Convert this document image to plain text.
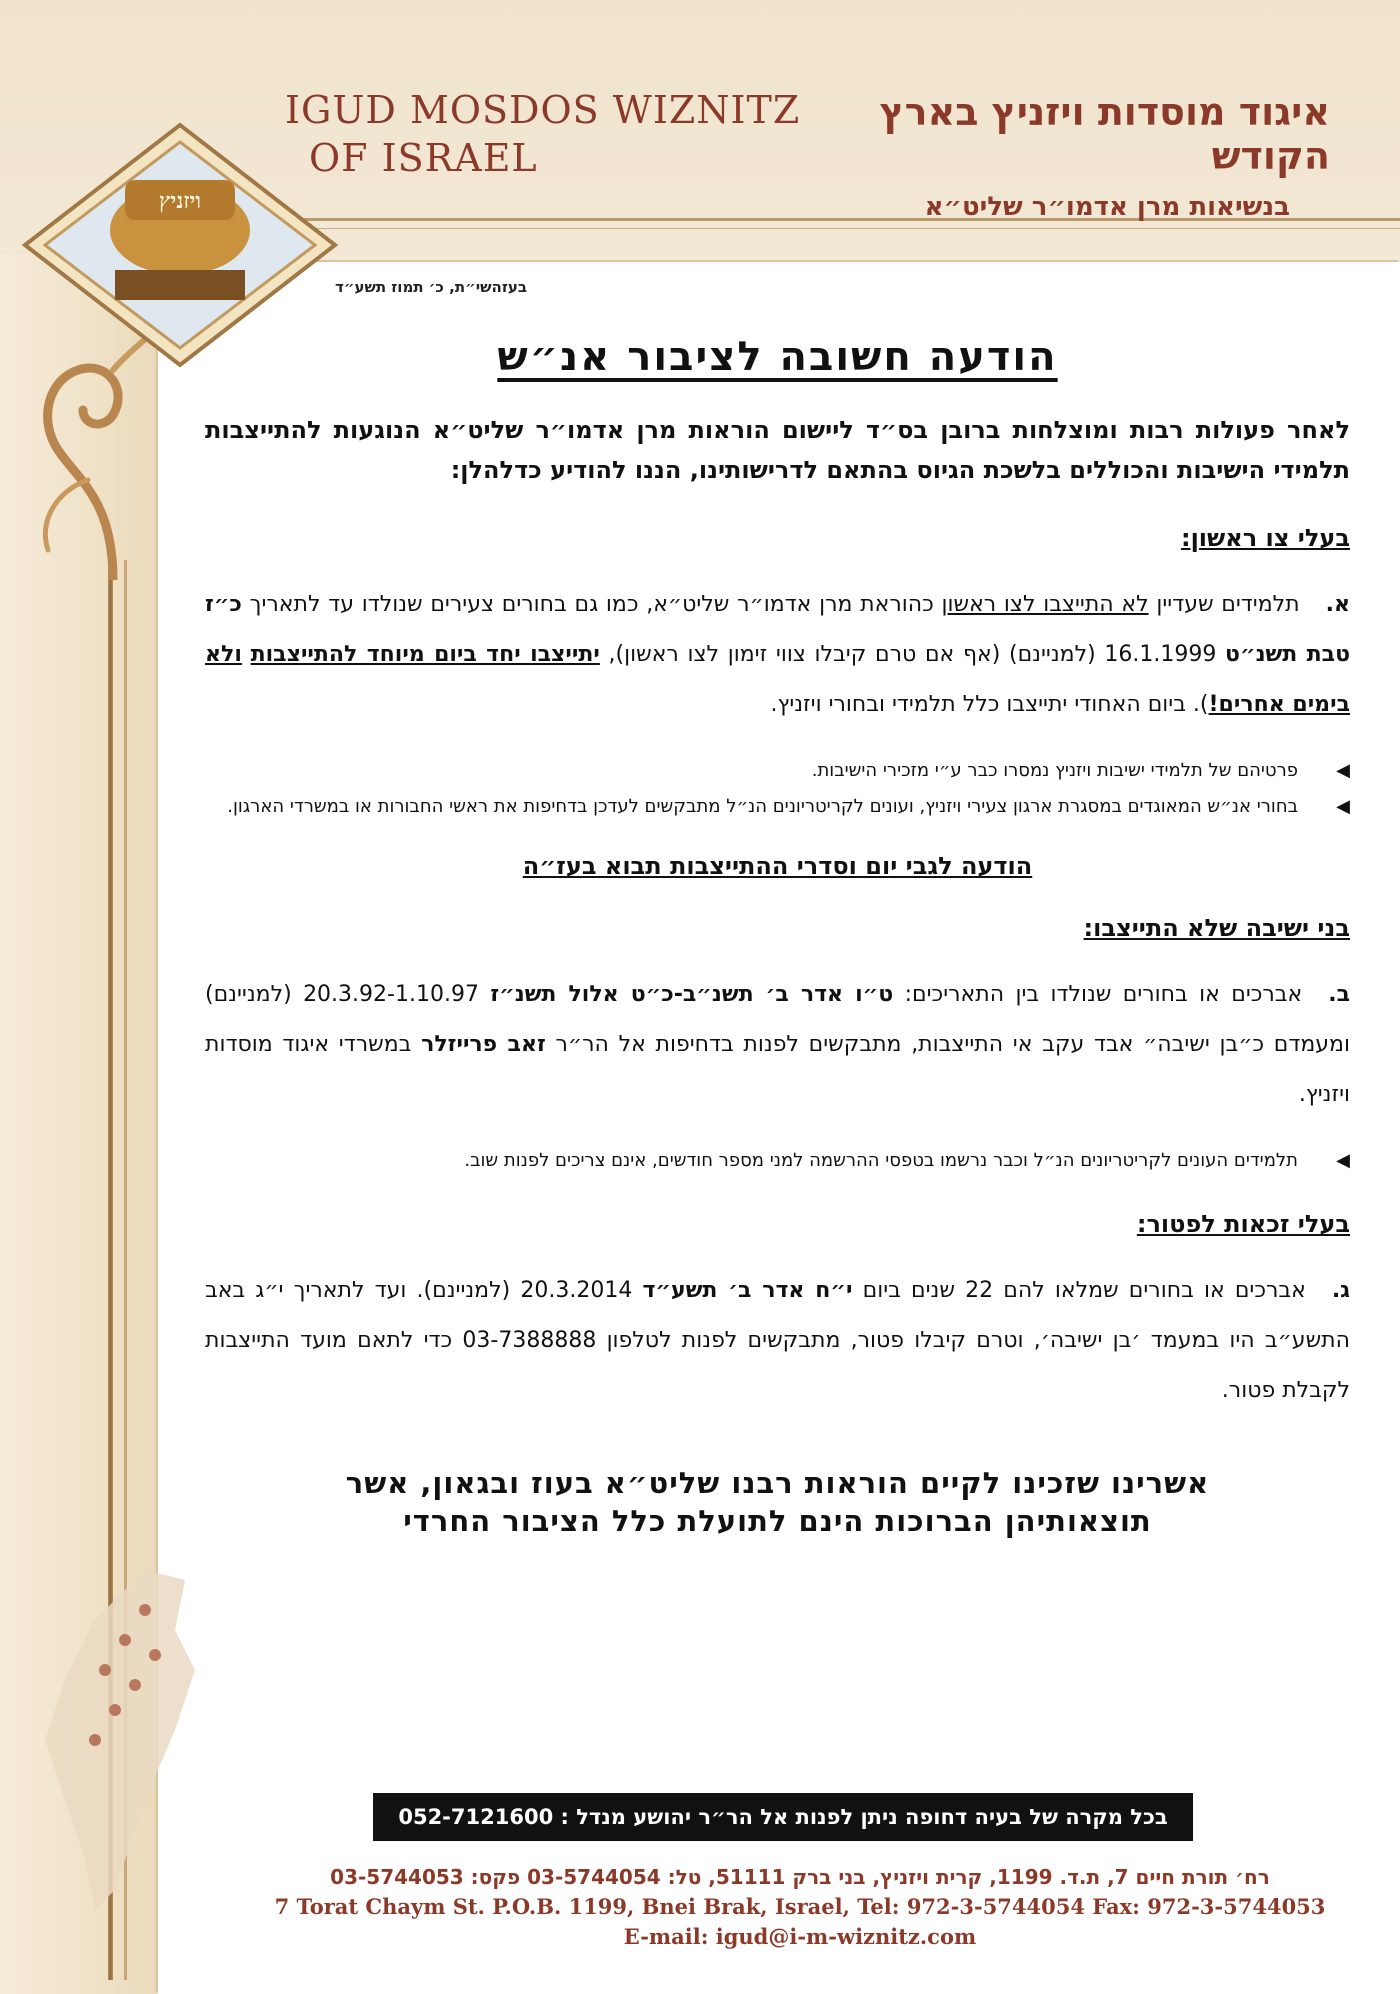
ויזניץ
IGUD MOSDOS WIZNITZ
OF ISRAEL
איגוד מוסדות ויזניץ בארץ הקודש
בנשיאות מרן אדמו״ר שליט״א
בעזהשי״ת, כ׳ תמוז תשע״ד
הודעה חשובה לציבור אנ״ש
לאחר פעולות רבות ומוצלחות ברובן בס״ד ליישום הוראות מרן אדמו״ר שליט״א הנוגעות להתייצבות תלמידי הישיבות והכוללים בלשכת הגיוס בהתאם לדרישותינו, הננו להודיע כדלהלן:
בעלי צו ראשון:
א.תלמידים שעדיין לא התייצבו לצו ראשון כהוראת מרן אדמו״ר שליט״א, כמו גם בחורים צעירים שנולדו עד לתאריך כ״ז טבת תשנ״ט 16.1.1999 (למניינם) (אף אם טרם קיבלו צווי זימון לצו ראשון), יתייצבו יחד ביום מיוחד להתייצבות ולא בימים אחרים!). ביום האחודי יתייצבו כלל תלמידי ובחורי ויזניץ.
◀פרטיהם של תלמידי ישיבות ויזניץ נמסרו כבר ע״י מזכירי הישיבות.
◀בחורי אנ״ש המאוגדים במסגרת ארגון צעירי ויזניץ, ועונים לקריטריונים הנ״ל מתבקשים לעדכן בדחיפות את ראשי החבורות או במשרדי הארגון.
הודעה לגבי יום וסדרי ההתייצבות תבוא בעז״ה
בני ישיבה שלא התייצבו:
ב.אברכים או בחורים שנולדו בין התאריכים: ט״ו אדר ב׳ תשנ״ב-כ״ט אלול תשנ״ז 20.3.92-1.10.97 (למניינם) ומעמדם כ״בן ישיבה״ אבד עקב אי התייצבות, מתבקשים לפנות בדחיפות אל הר״ר זאב פרייזלר במשרדי איגוד מוסדות ויזניץ.
◀תלמידים העונים לקריטריונים הנ״ל וכבר נרשמו בטפסי ההרשמה למני מספר חודשים, אינם צריכים לפנות שוב.
בעלי זכאות לפטור:
ג.אברכים או בחורים שמלאו להם 22 שנים ביום י״ח אדר ב׳ תשע״ד 20.3.2014 (למניינם). ועד לתאריך י״ג באב התשע״ב היו במעמד ׳בן ישיבה׳, וטרם קיבלו פטור, מתבקשים לפנות לטלפון 03-7388888 כדי לתאם מועד התייצבות לקבלת פטור.
אשרינו שזכינו לקיים הוראות רבנו שליט״א בעוז ובגאון, אשר
תוצאותיהן הברוכות הינם לתועלת כלל הציבור החרדי
בכל מקרה של בעיה דחופה ניתן לפנות אל הר״ר יהושע מנדל : 052-7121600
רח׳ תורת חיים 7, ת.ד. 1199, קרית ויזניץ, בני ברק 51111, טל: 03-5744054 פקס: 03-5744053
7 Torat Chaym St. P.O.B. 1199, Bnei Brak, Israel, Tel: 972-3-5744054 Fax: 972-3-5744053
E-mail: igud@i-m-wiznitz.com
